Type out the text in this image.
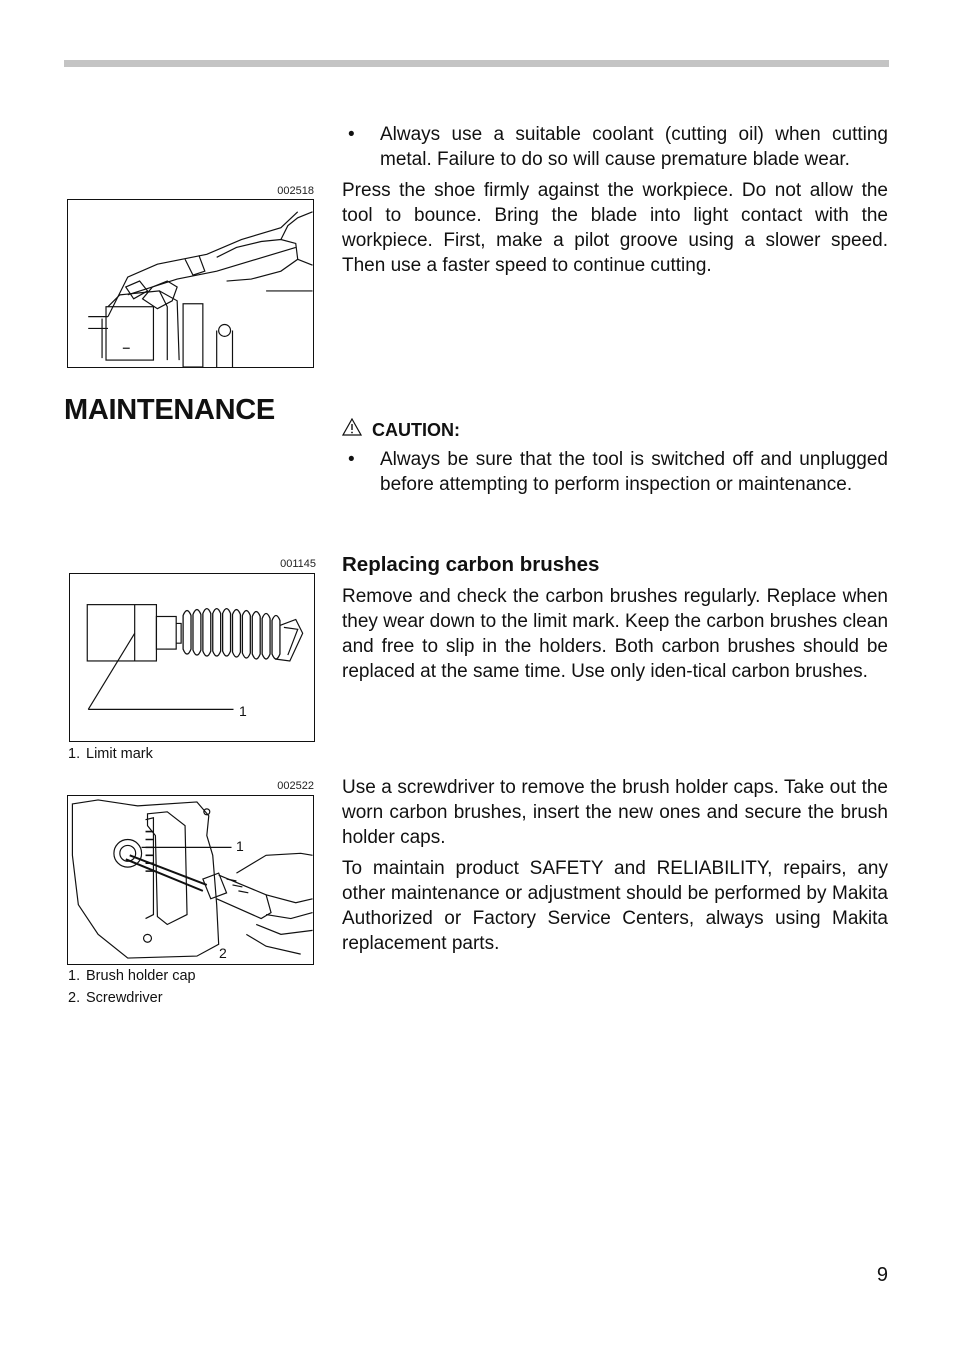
002518

• Always use a suitable coolant (cutting oil) when cutting metal. Failure to do so will cause premature blade wear.

Press the shoe firmly against the workpiece. Do not allow the tool to bounce. Bring the blade into light contact with the workpiece. First, make a pilot groove using a slower speed. Then use a faster speed to continue cutting.

MAINTENANCE
CAUTION:

• Always be sure that the tool is switched off and unplugged before attempting to perform inspection or maintenance.

001145
1
1. Limit mark

Replacing carbon brushes

Remove and check the carbon brushes regularly. Replace when they wear down to the limit mark. Keep the carbon brushes clean and free to slip in the holders. Both carbon brushes should be replaced at the same time. Use only iden-tical carbon brushes.

002522
1
2
1. Brush holder cap
2. Screwdriver

Use a screwdriver to remove the brush holder caps. Take out the worn carbon brushes, insert the new ones and secure the brush holder caps.

To maintain product SAFETY and RELIABILITY, repairs, any other maintenance or adjustment should be performed by Makita Authorized or Factory Service Centers, always using Makita replacement parts.

9
